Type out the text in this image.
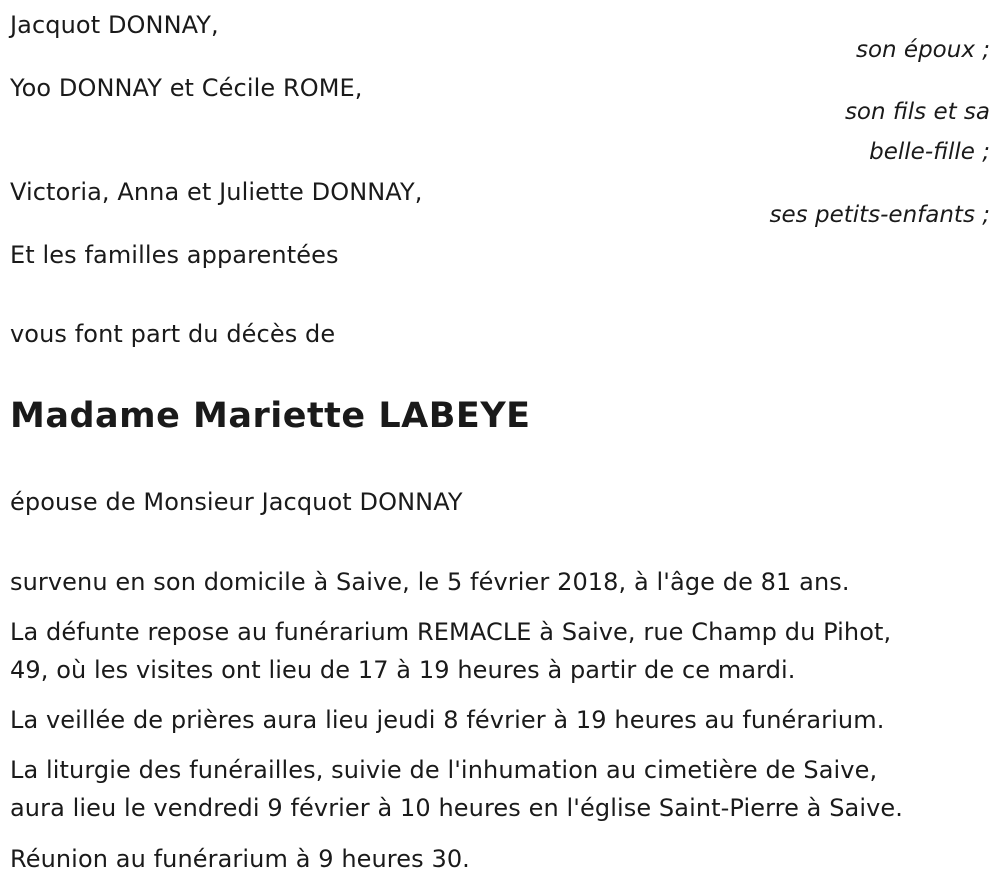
Jacquot DONNAY,
son époux ;
Yoo DONNAY et Cécile ROME,
son fils et sa
belle-fille ;
Victoria, Anna et Juliette DONNAY,
ses petits-enfants ;
Et les familles apparentées
vous font part du décès de
Madame Mariette LABEYE
épouse de Monsieur Jacquot DONNAY
survenu en son domicile à Saive, le 5 février 2018, à l'âge de 81 ans.
La défunte repose au funérarium REMACLE à Saive, rue Champ du Pihot,
49, où les visites ont lieu de 17 à 19 heures à partir de ce mardi.
La veillée de prières aura lieu jeudi 8 février à 19 heures au funérarium.
La liturgie des funérailles, suivie de l'inhumation au cimetière de Saive,
aura lieu le vendredi 9 février à 10 heures en l'église Saint-Pierre à Saive.
Réunion au funérarium à 9 heures 30.
